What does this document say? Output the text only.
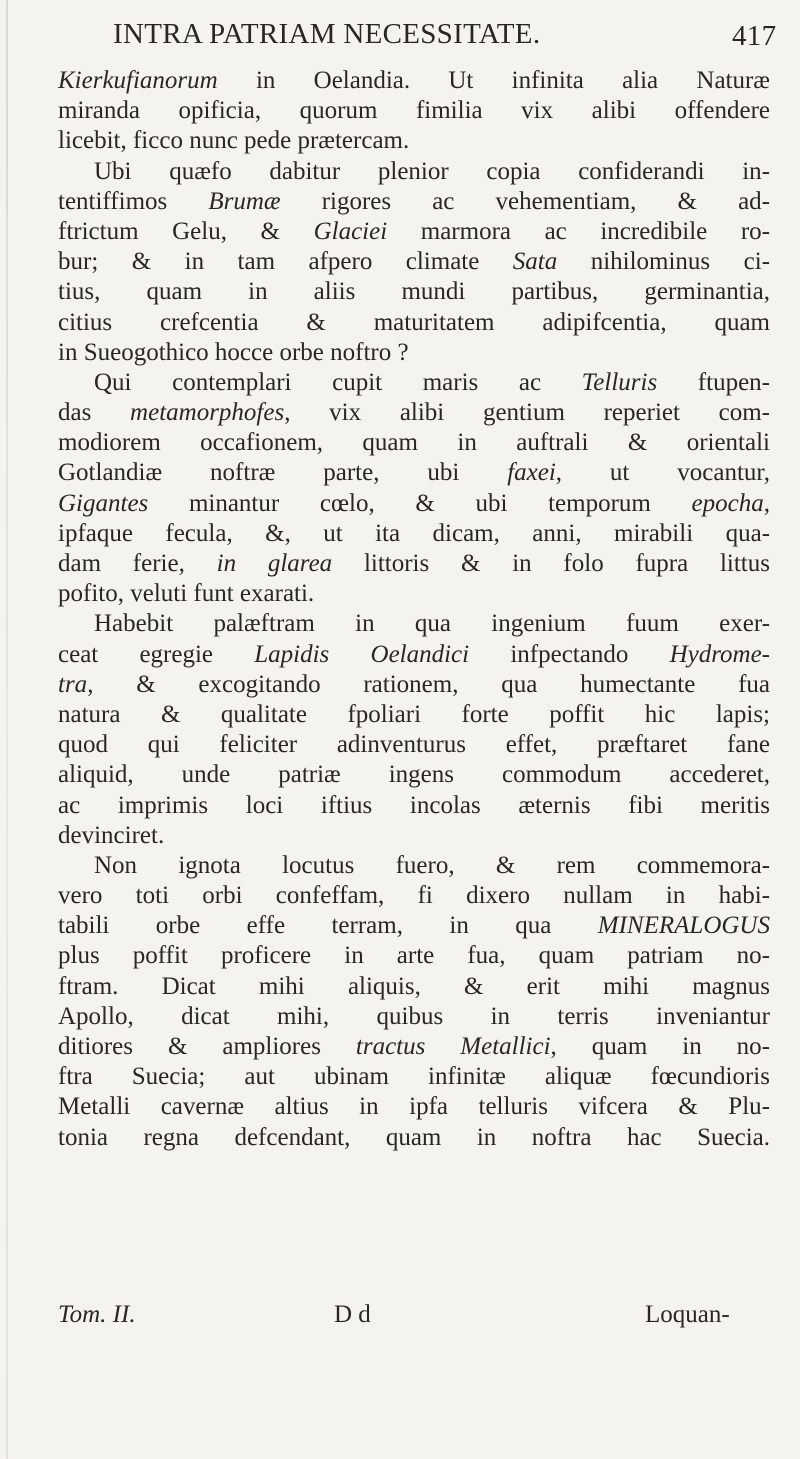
INTRA PATRIAM NECESSITATE.	417
Kierkufianorum in Oelandia. Ut infinita alia Naturæ
miranda opificia, quorum fimilia vix alibi offendere
licebit, ficco nunc pede prætercam.
Ubi quæfo dabitur plenior copia confiderandi in-
tentiffimos Brumæ rigores ac vehementiam, & ad-
ftrictum Gelu, & Glaciei marmora ac incredibile ro-
bur; & in tam afpero climate Sata nihilominus ci-
tius, quam in aliis mundi partibus, germinantia,
citius crefcentia & maturitatem adipifcentia, quam
in Sueogothico hocce orbe noftro ?
Qui contemplari cupit maris ac Telluris ftupen-
das metamorphofes, vix alibi gentium reperiet com-
modiorem occafionem, quam in auftrali & orientali
Gotlandiæ noftræ parte, ubi faxei, ut vocantur,
Gigantes minantur cœlo, & ubi temporum epocha,
ipfaque fecula, &, ut ita dicam, anni, mirabili qua-
dam ferie, in glarea littoris & in folo fupra littus
pofito, veluti funt exarati.
Habebit palæftram in qua ingenium fuum exer-
ceat egregie Lapidis Oelandici infpectando Hydrome-
tra, & excogitando rationem, qua humectante fua
natura & qualitate fpoliari forte poffit hic lapis;
quod qui feliciter adinventurus effet, præftaret fane
aliquid, unde patriæ ingens commodum accederet,
ac imprimis loci iftius incolas æternis fibi meritis
devinciret.
Non ignota locutus fuero, & rem commemora-
vero toti orbi confeffam, fi dixero nullam in habi-
tabili orbe effe terram, in qua MINERALOGUS
plus poffit proficere in arte fua, quam patriam no-
ftram. Dicat mihi aliquis, & erit mihi magnus
Apollo, dicat mihi, quibus in terris inveniantur
ditiores & ampliores tractus Metallici, quam in no-
ftra Suecia; aut ubinam infinitæ aliquæ fœcundioris
Metalli cavernæ altius in ipfa telluris vifcera & Plu-
tonia regna defcendant, quam in noftra hac Suecia.
Tom. II.	D d	Loquan-
